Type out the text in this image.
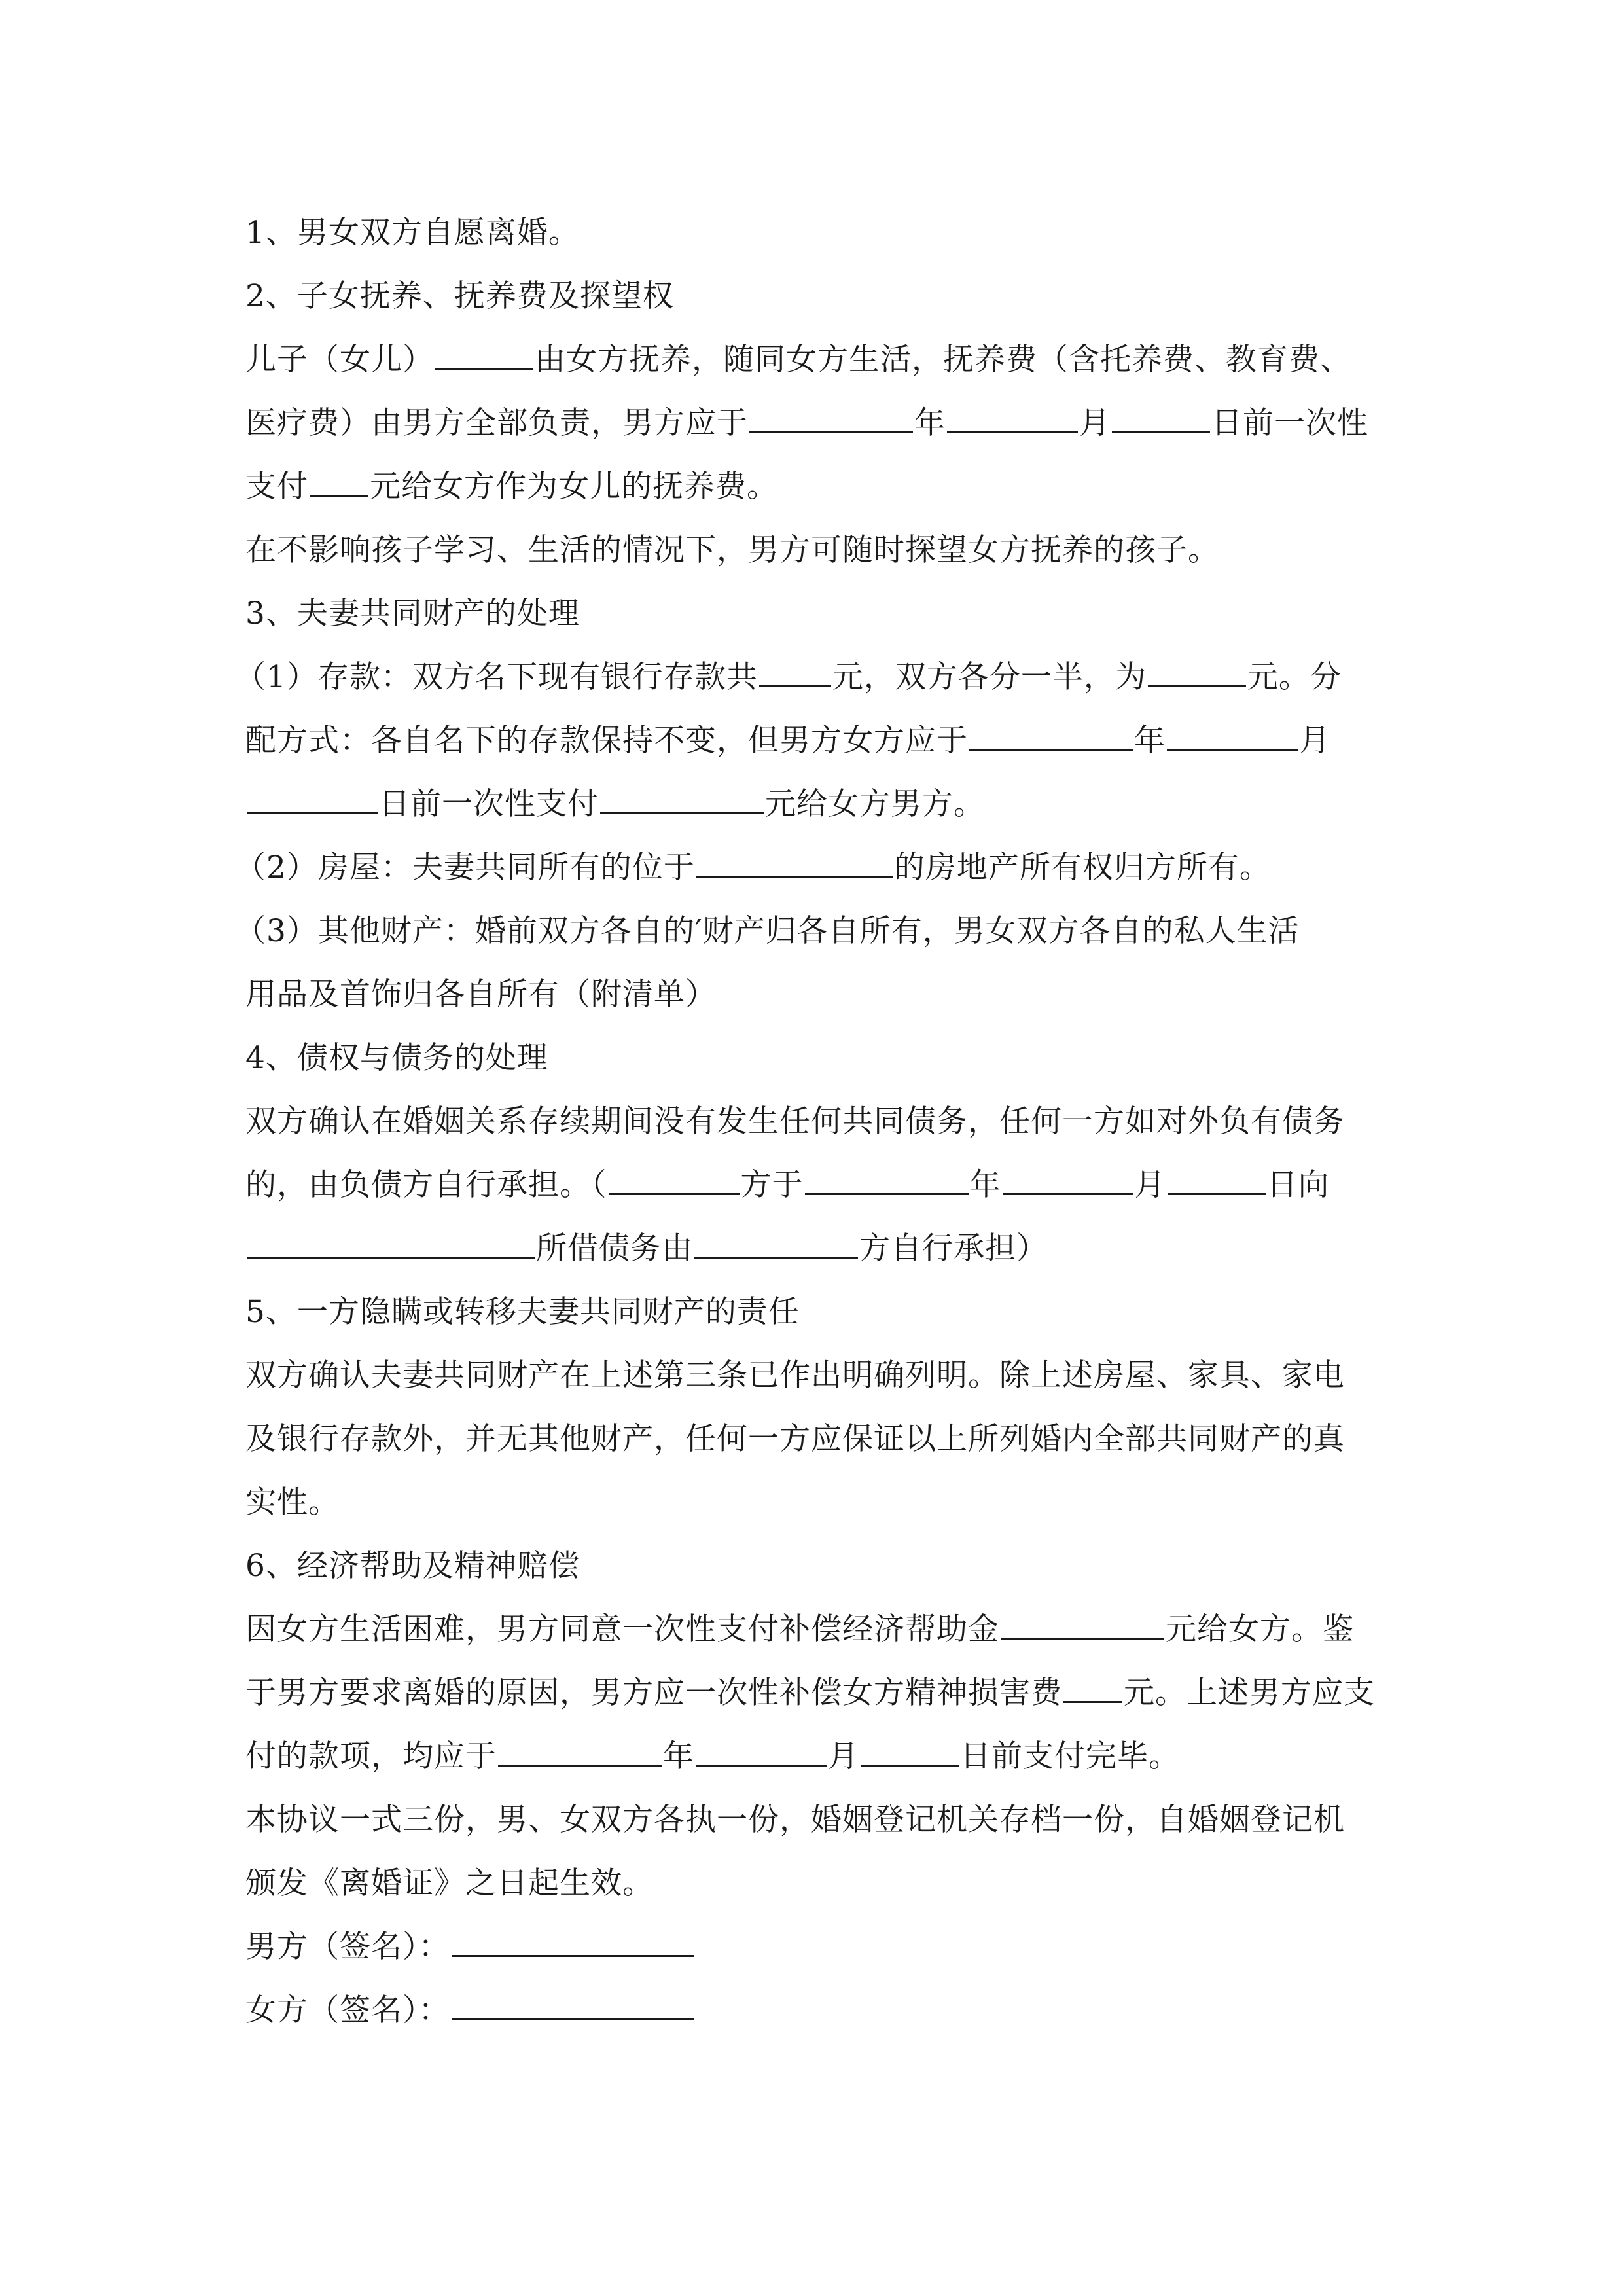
1、男女双方自愿离婚。
2、子女抚养、抚养费及探望权
儿子（女儿）	由女方抚养，随同女方生活，抚养费（含托养费、教育费、
医疗费）由男方全部负责，男方应于	年	月	日前一次性
支付 元给女方作为女儿的抚养费。
在不影响孩子学习、生活的情况下，男方可随时探望女方抚养的孩子。
3、夫妻共同财产的处理
（1）存款：双方名下现有银行存款共 元，双方各分一半，为	元。分
配方式：各自名下的存款保持不变，但男方女方应于	年	月
日前一次性支付	元给女方男方。
（2）房屋：夫妻共同所有的位于	的房地产所有权归方所有。
（3）其他财产：婚前双方各自的′财产归各自所有，男女双方各自的私人生活
用品及首饰归各自所有（附清单）
4、债权与债务的处理
双方确认在婚姻关系存续期间没有发生任何共同债务，任何一方如对外负有债务
的，由负债方自行承担。（	方于	年	月	日向
所借债务由	方自行承担）
5、一方隐瞒或转移夫妻共同财产的责任
双方确认夫妻共同财产在上述第三条已作出明确列明。除上述房屋、家具、家电
及银行存款外，并无其他财产，任何一方应保证以上所列婚内全部共同财产的真
实性。
6、经济帮助及精神赔偿
因女方生活困难，男方同意一次性支付补偿经济帮助金	元给女方。鉴
于男方要求离婚的原因，男方应一次性补偿女方精神损害费 元。上述男方应支
付的款项，均应于	年	月	日前支付完毕。
本协议一式三份，男、女双方各执一份，婚姻登记机关存档一份，自婚姻登记机
颁发《离婚证》之日起生效。
男方（签名）：
女方（签名）：
